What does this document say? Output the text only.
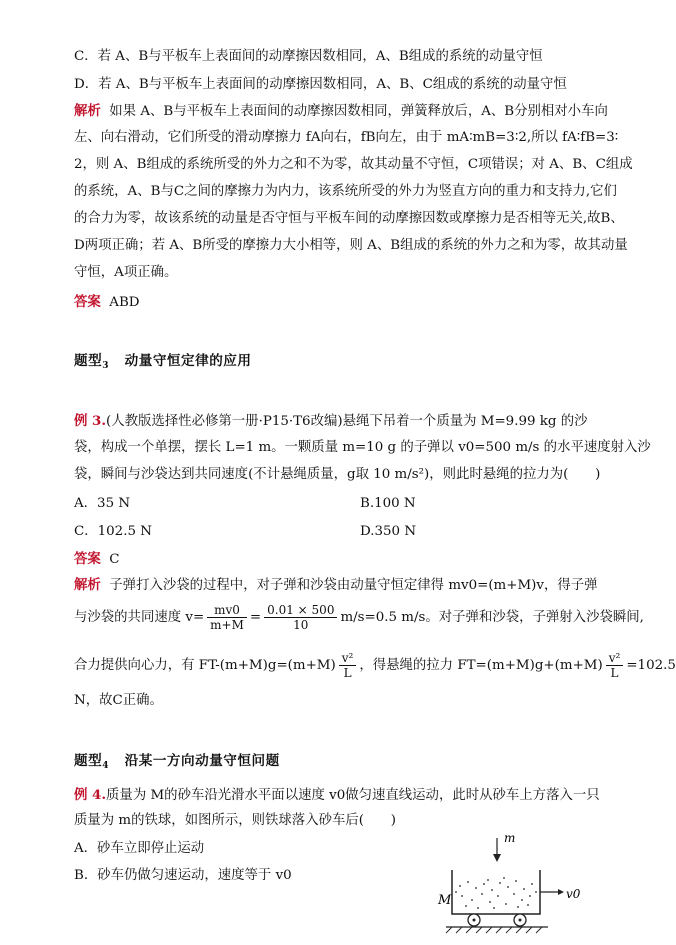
C．若 A、B与平板车上表面间的动摩擦因数相同，A、B组成的系统的动量守恒
D．若 A、B与平板车上表面间的动摩擦因数相同，A、B、C组成的系统的动量守恒
解析 如果 A、B与平板车上表面间的动摩擦因数相同，弹簧释放后，A、B分别相对小车向
左、向右滑动，它们所受的滑动摩擦力 fA向右，fB向左，由于 mA∶mB=3∶2,所以 fA∶fB=3∶
2，则 A、B组成的系统所受的外力之和不为零，故其动量不守恒，C项错误；对 A、B、C组成
的系统，A、B与C之间的摩擦力为内力，该系统所受的外力为竖直方向的重力和支持力,它们
的合力为零，故该系统的动量是否守恒与平板车间的动摩擦因数或摩擦力是否相等无关,故B、
D两项正确；若 A、B所受的摩擦力大小相等，则 A、B组成的系统的外力之和为零，故其动量
守恒，A项正确。
答案 ABD
题型$_3$ 动量守恒定律的应用
例 3.(人教版选择性必修第一册·P15·T6改编)悬绳下吊着一个质量为 M=9.99 kg 的沙
袋，构成一个单摆，摆长 L=1 m。一颗质量 m=10 g 的子弹以 v0=500 m/s 的水平速度射入沙
袋，瞬间与沙袋达到共同速度(不计悬绳质量，g取 10 m/s²)，则此时悬绳的拉力为(　　)
A．35 N	B.100 N
C．102.5 N	D.350 N
答案 C
解析 子弹打入沙袋的过程中，对子弹和沙袋由动量守恒定律得 mv0=(m+M)v，得子弹
与沙袋的共同速度 $v= \frac{mv0}{m+M} = \frac{0.01 \times 500}{10} m/s=0.5$ m/s。对子弹和沙袋，子弹射入沙袋瞬间,
合力提供向心力，有 $FT-(m+M)g=(m+M) \frac{\text{v²}}{L}$ ，得悬绳的拉力 $FT=(m+M)g+(m+M) \frac{\text{v²}}{L} =102.5$
N，故C正确。
题型$_4$ 沿某一方向动量守恒问题
例 4.质量为 M的砂车沿光滑水平面以速度 v0做匀速直线运动，此时从砂车上方落入一只
质量为 m的铁球，如图所示，则铁球落入砂车后(　　)
A．砂车立即停止运动
B．砂车仍做匀速运动，速度等于 v0
m
M	v0
